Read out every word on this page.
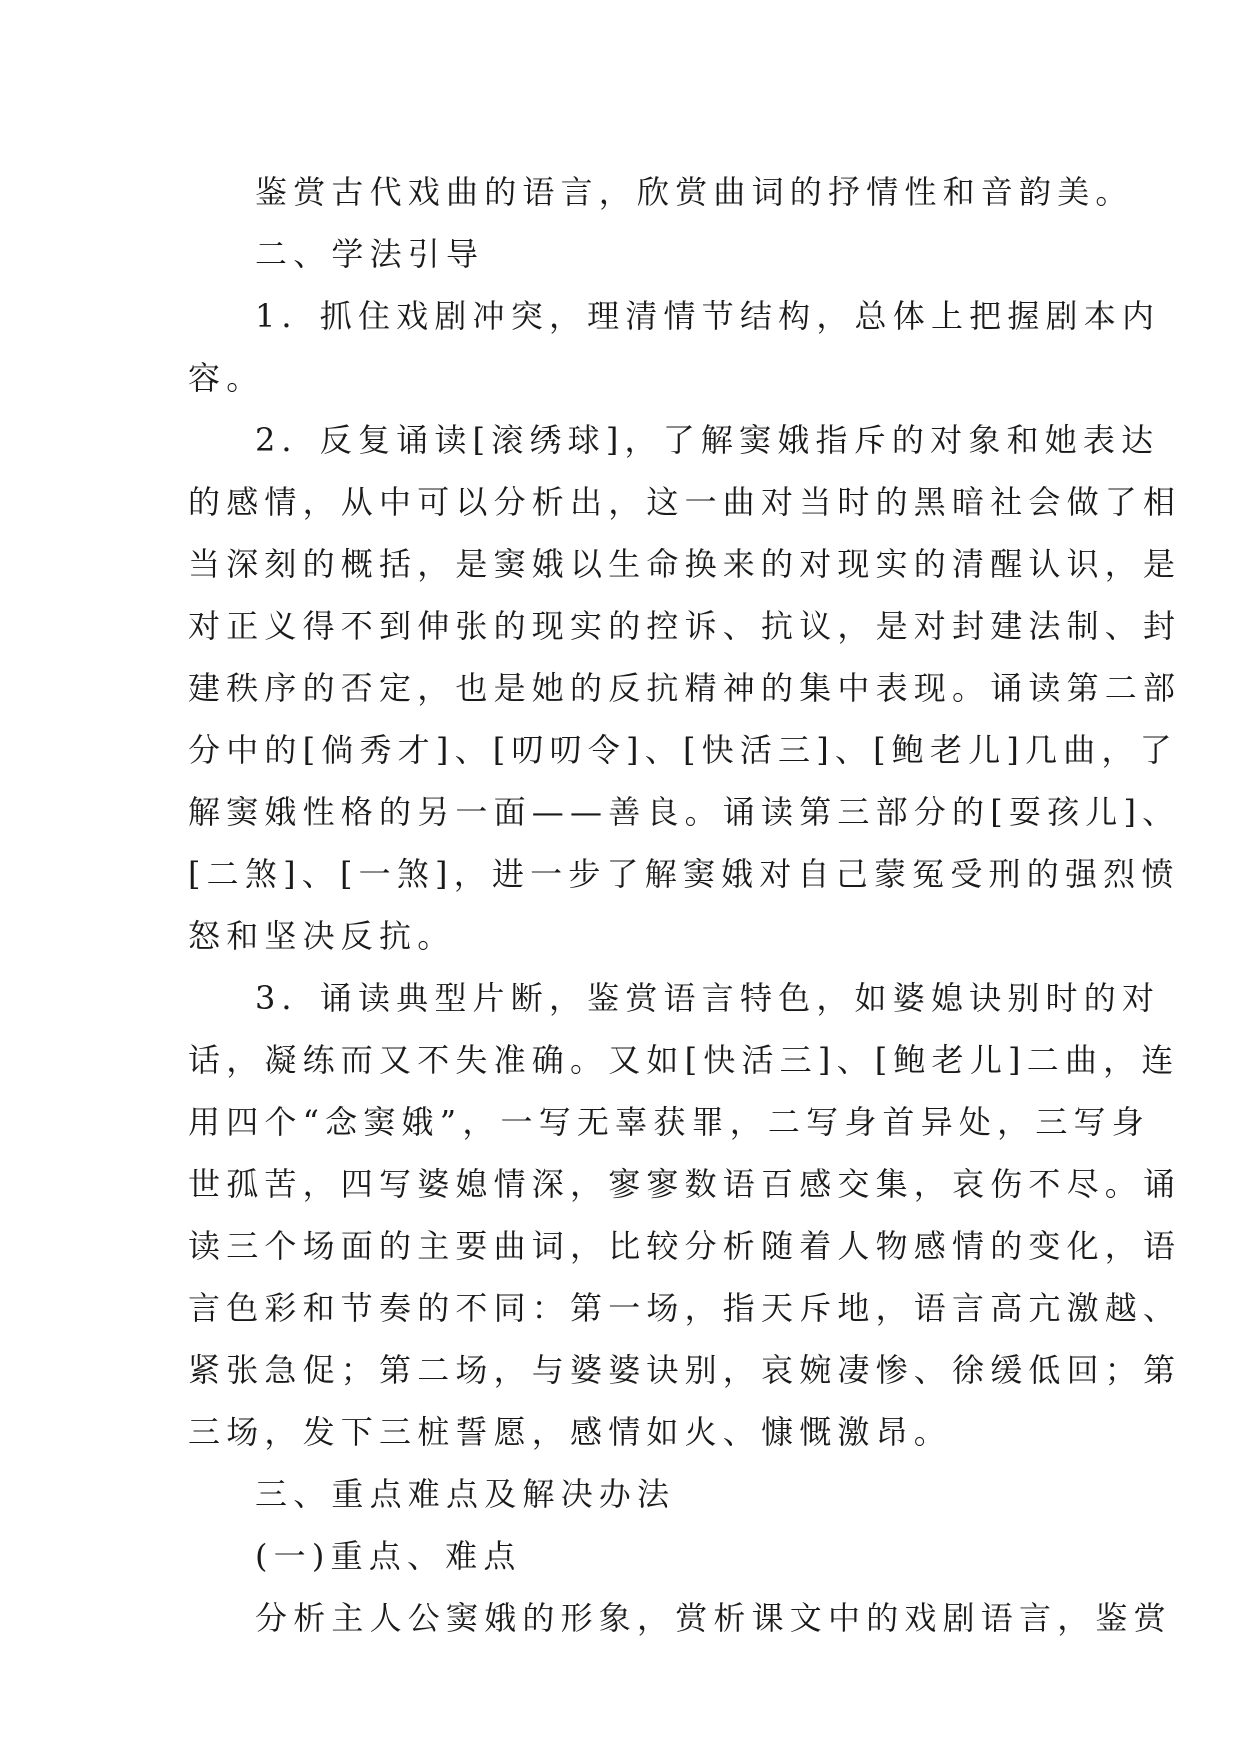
鉴赏古代戏曲的语言，欣赏曲词的抒情性和音韵美。
二、学法引导
1．抓住戏剧冲突，理清情节结构，总体上把握剧本内
容。
2．反复诵读[滚绣球]，了解窦娥指斥的对象和她表达
的感情，从中可以分析出，这一曲对当时的黑暗社会做了相
当深刻的概括，是窦娥以生命换来的对现实的清醒认识，是
对正义得不到伸张的现实的控诉、抗议，是对封建法制、封
建秩序的否定，也是她的反抗精神的集中表现。诵读第二部
分中的[倘秀才]、[叨叨令]、[快活三]、[鲍老儿]几曲，了
解窦娥性格的另一面——善良。诵读第三部分的[耍孩儿]、
[二煞]、[一煞]，进一步了解窦娥对自己蒙冤受刑的强烈愤
怒和坚决反抗。
3．诵读典型片断，鉴赏语言特色，如婆媳诀别时的对
话，凝练而又不失准确。又如[快活三]、[鲍老儿]二曲，连
用四个“念窦娥”，一写无辜获罪，二写身首异处，三写身
世孤苦，四写婆媳情深，寥寥数语百感交集，哀伤不尽。诵
读三个场面的主要曲词，比较分析随着人物感情的变化，语
言色彩和节奏的不同：第一场，指天斥地，语言高亢激越、
紧张急促；第二场，与婆婆诀别，哀婉凄惨、徐缓低回；第
三场，发下三桩誓愿，感情如火、慷慨激昂。
三、重点难点及解决办法
(一)重点、难点
分析主人公窦娥的形象，赏析课文中的戏剧语言，鉴赏
